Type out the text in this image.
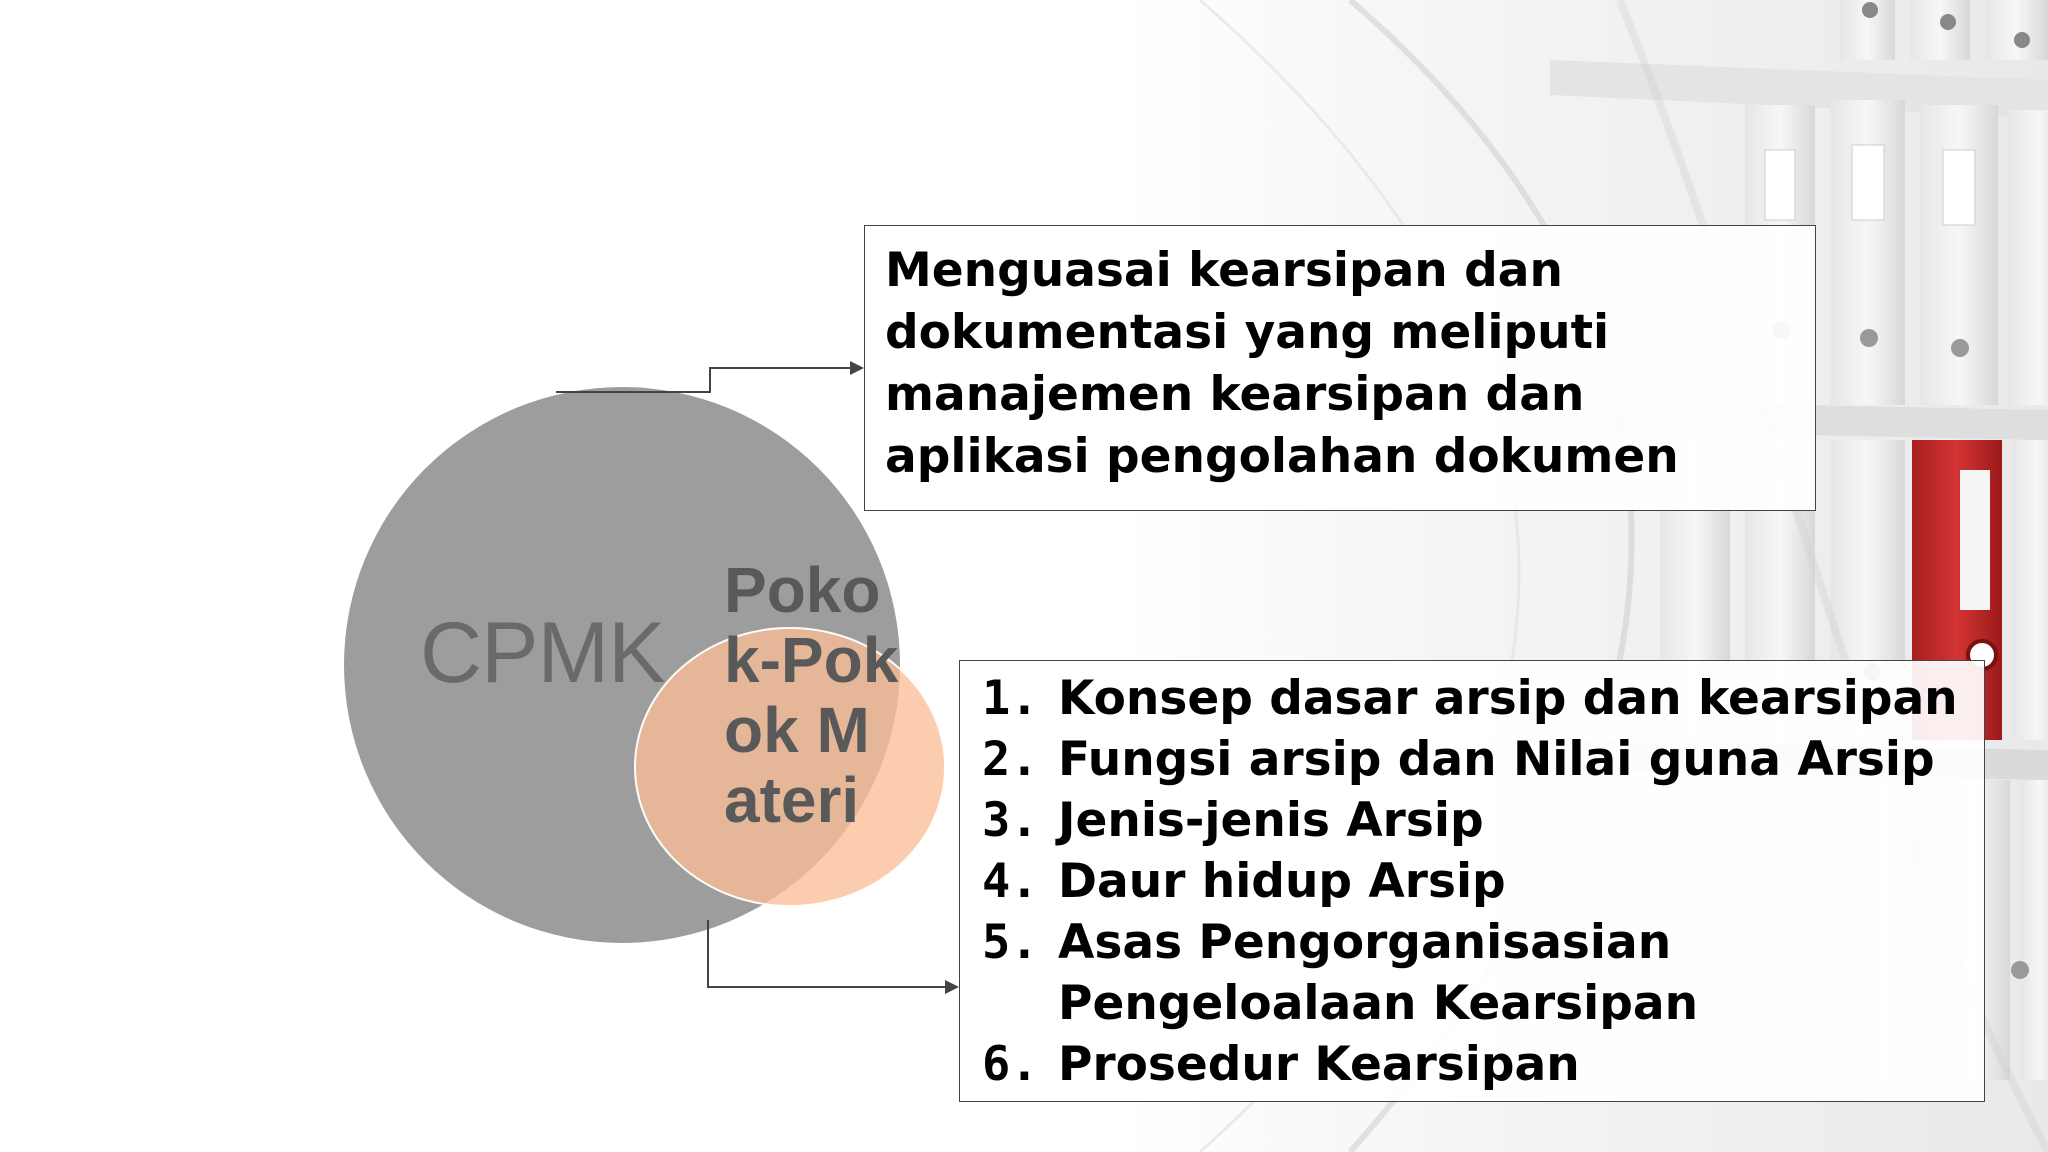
CPMK
Pokok-Pokok Materi
Menguasai kearsipan dan dokumentasi yang meliputi manajemen kearsipan dan aplikasi pengolahan dokumen
1. Konsep dasar arsip dan kearsipan
2. Fungsi arsip dan Nilai guna Arsip
3. Jenis-jenis Arsip
4. Daur hidup Arsip
5. Asas Pengorganisasian Pengeloalaan Kearsipan
6. Prosedur Kearsipan
